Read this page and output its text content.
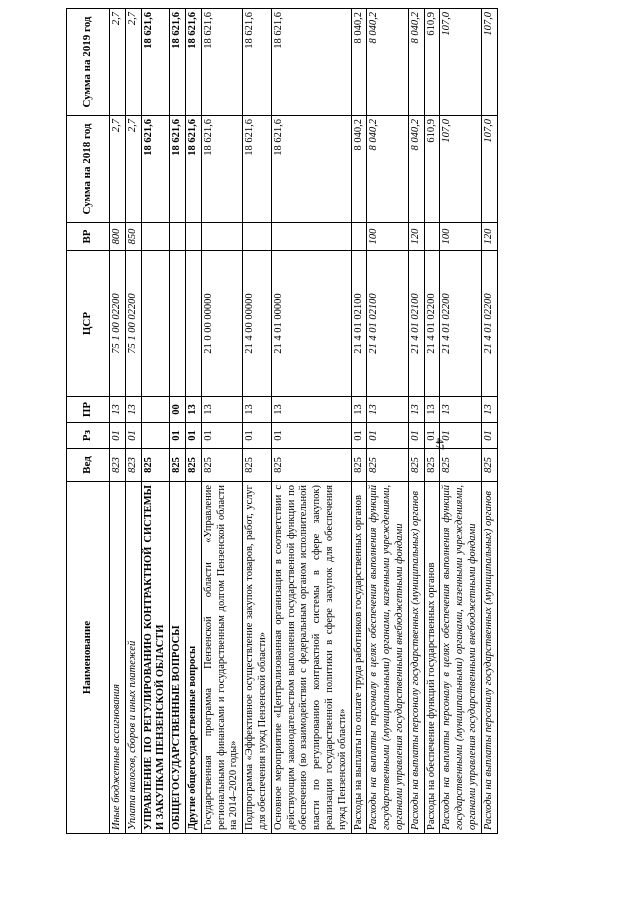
47
Наименование	Вед	Рз	ПР	ЦСР	ВР	Сумма на 2018 год	Сумма на 2019 год
Иные бюджетные ассигнования	823	01	13	75 1 00 02200	800	2,7	2,7
Уплата налогов, сборов и иных платежей	823	01	13	75 1 00 02200	850	2,7	2,7
УПРАВЛЕНИЕ ПО РЕГУЛИРОВАНИЮ КОНТРАКТНОЙ СИСТЕМЫ И ЗАКУПКАМ ПЕНЗЕНСКОЙ ОБЛАСТИ	825					18 621,6	18 621,6
ОБЩЕГОСУДАРСТВЕННЫЕ ВОПРОСЫ	825	01	00			18 621,6	18 621,6
Другие общегосударственные вопросы	825	01	13			18 621,6	18 621,6
Государственная программа Пензенской области «Управление региональными финансами и государственным долгом Пензенской области на 2014–2020 годы»	825	01	13	21 0 00 00000		18 621,6	18 621,6
Подпрограмма «Эффективное осуществление закупок товаров, работ, услуг для обеспечения нужд Пензенской области»	825	01	13	21 4 00 00000		18 621,6	18 621,6
Основное мероприятие «Централизованная организация в соответствии с действующим законодательством выполнения государственной функции по обеспечению (во взаимодействии с федеральным органом исполнительной власти по регулированию контрактной системы в сфере закупок) реализации государственной политики в сфере закупок для обеспечения нужд Пензенской области»	825	01	13	21 4 01 00000		18 621,6	18 621,6
Расходы на выплаты по оплате труда работников государственных органов	825	01	13	21 4 01 02100		8 040,2	8 040,2
Расходы на выплаты персоналу в целях обеспечения выполнения функций государственными (муниципальными) органами, казенными учреждениями, органами управления государственными внебюджетными фондами	825	01	13	21 4 01 02100	100	8 040,2	8 040,2
Расходы на выплаты персоналу государственных (муниципальных) органов	825	01	13	21 4 01 02100	120	8 040,2	8 040,2
Расходы на обеспечение функций государственных органов	825	01	13	21 4 01 02200		610,9	610,9
Расходы на выплаты персоналу в целях обеспечения выполнения функций государственными (муниципальными) органами, казенными учреждениями, органами управления государственными внебюджетными фондами	825	01	13	21 4 01 02200	100	107,0	107,0
Расходы на выплаты персоналу государственных (муниципальных) органов	825	01	13	21 4 01 02200	120	107,0	107,0
